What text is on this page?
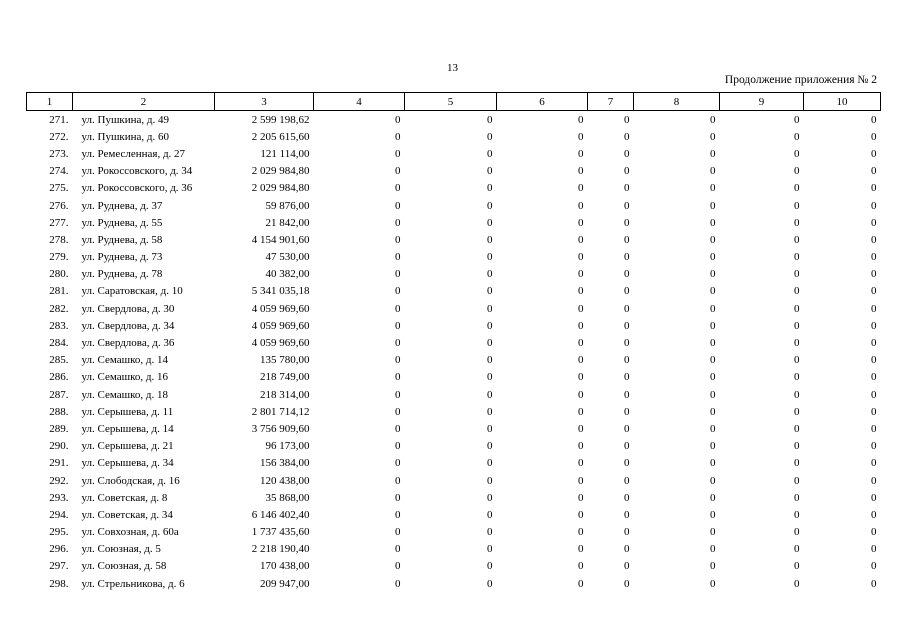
13
Продолжение приложения № 2
1	2	3	4	5	6	7	8	9	10
271.	ул. Пушкина, д. 49	2 599 198,62	0	0	0	0	0	0	0
272.	ул. Пушкина, д. 60	2 205 615,60	0	0	0	0	0	0	0
273.	ул. Ремесленная, д. 27	121 114,00	0	0	0	0	0	0	0
274.	ул. Рокоссовского, д. 34	2 029 984,80	0	0	0	0	0	0	0
275.	ул. Рокоссовского, д. 36	2 029 984,80	0	0	0	0	0	0	0
276.	ул. Руднева, д. 37	59 876,00	0	0	0	0	0	0	0
277.	ул. Руднева, д. 55	21 842,00	0	0	0	0	0	0	0
278.	ул. Руднева, д. 58	4 154 901,60	0	0	0	0	0	0	0
279.	ул. Руднева, д. 73	47 530,00	0	0	0	0	0	0	0
280.	ул. Руднева, д. 78	40 382,00	0	0	0	0	0	0	0
281.	ул. Саратовская, д. 10	5 341 035,18	0	0	0	0	0	0	0
282.	ул. Свердлова, д. 30	4 059 969,60	0	0	0	0	0	0	0
283.	ул. Свердлова, д. 34	4 059 969,60	0	0	0	0	0	0	0
284.	ул. Свердлова, д. 36	4 059 969,60	0	0	0	0	0	0	0
285.	ул. Семашко, д. 14	135 780,00	0	0	0	0	0	0	0
286.	ул. Семашко, д. 16	218 749,00	0	0	0	0	0	0	0
287.	ул. Семашко, д. 18	218 314,00	0	0	0	0	0	0	0
288.	ул. Серышева, д. 11	2 801 714,12	0	0	0	0	0	0	0
289.	ул. Серышева, д. 14	3 756 909,60	0	0	0	0	0	0	0
290.	ул. Серышева, д. 21	96 173,00	0	0	0	0	0	0	0
291.	ул. Серышева, д. 34	156 384,00	0	0	0	0	0	0	0
292.	ул. Слободская, д. 16	120 438,00	0	0	0	0	0	0	0
293.	ул. Советская, д. 8	35 868,00	0	0	0	0	0	0	0
294.	ул. Советская, д. 34	6 146 402,40	0	0	0	0	0	0	0
295.	ул. Совхозная, д. 60а	1 737 435,60	0	0	0	0	0	0	0
296.	ул. Союзная, д. 5	2 218 190,40	0	0	0	0	0	0	0
297.	ул. Союзная, д. 58	170 438,00	0	0	0	0	0	0	0
298.	ул. Стрельникова, д. 6	209 947,00	0	0	0	0	0	0	0
